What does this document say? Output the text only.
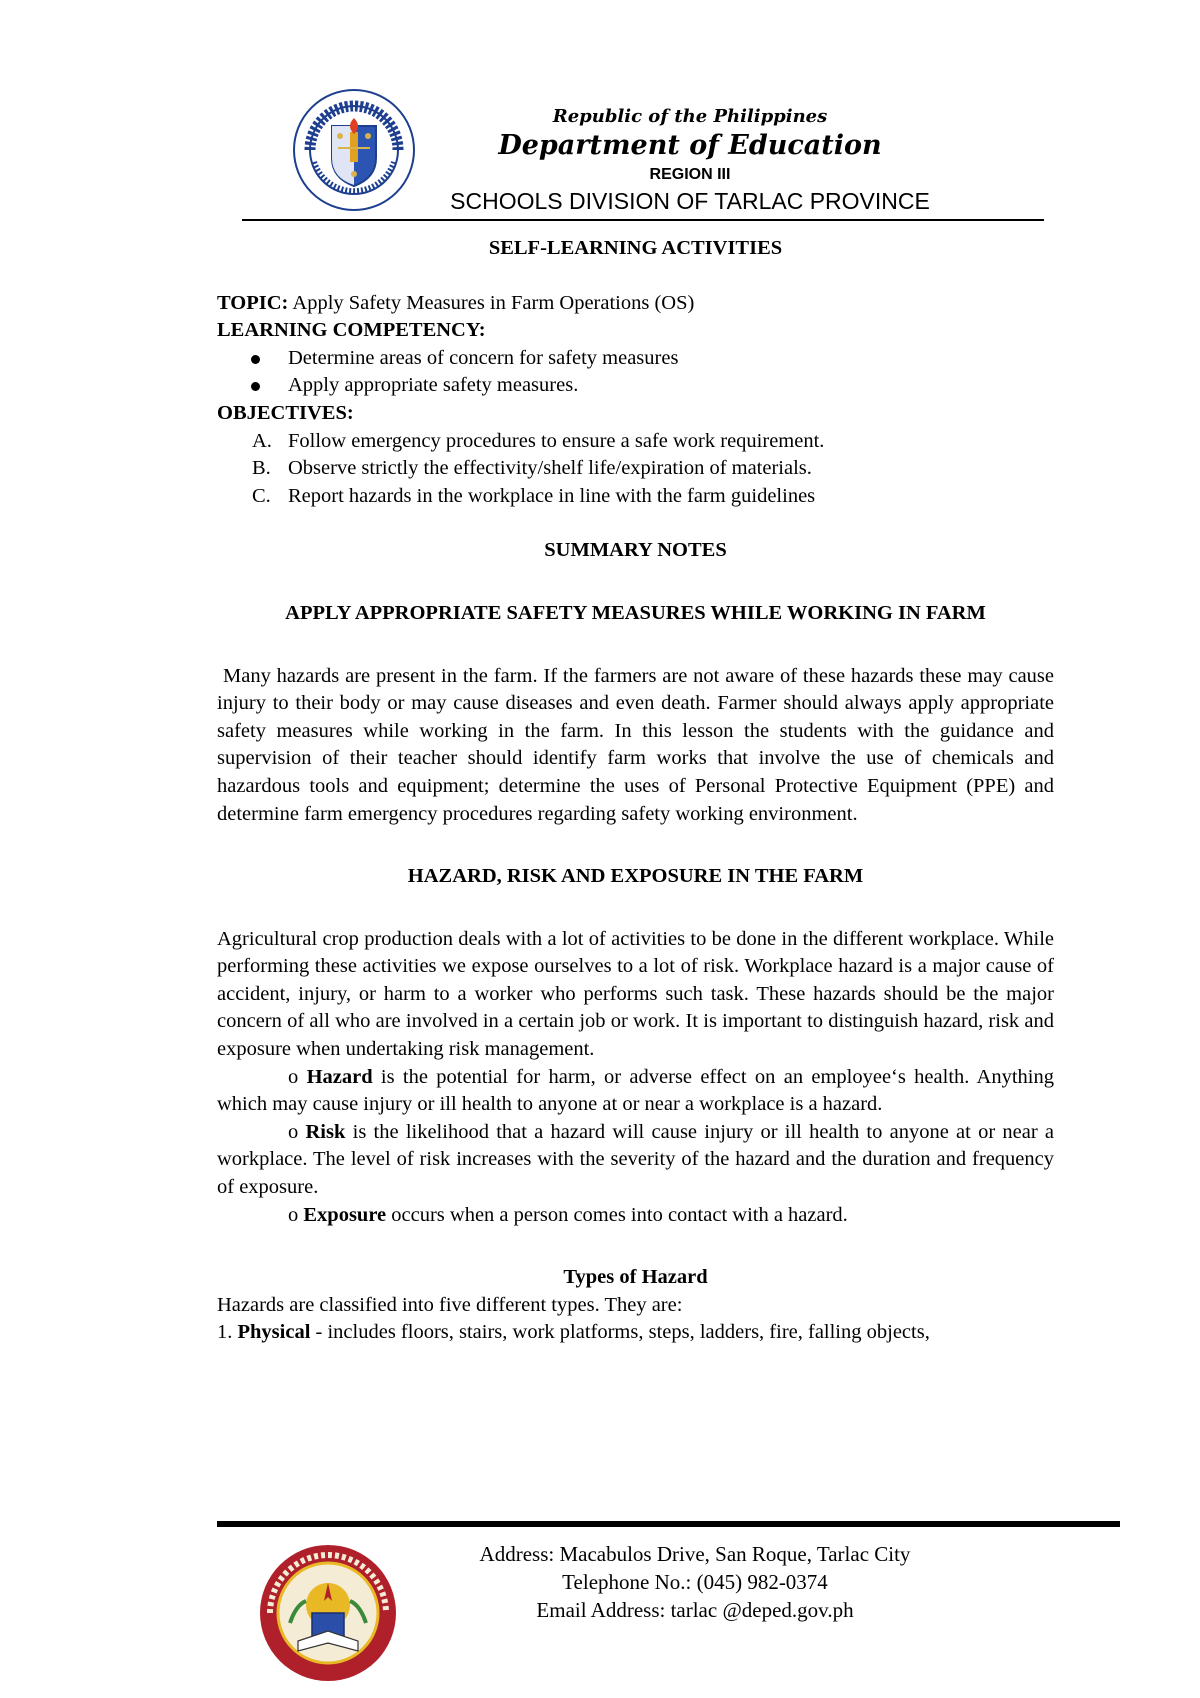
Republic of the Philippines
Department of Education
REGION III
SCHOOLS DIVISION OF TARLAC PROVINCE

SELF-LEARNING ACTIVITIES

TOPIC: Apply Safety Measures in Farm Operations (OS)

LEARNING COMPETENCY:

Determine areas of concern for safety measures
Apply appropriate safety measures.

OBJECTIVES:

A. Follow emergency procedures to ensure a safe work requirement.
B. Observe strictly the effectivity/shelf life/expiration of materials.
C. Report hazards in the workplace in line with the farm guidelines

SUMMARY NOTES

APPLY APPROPRIATE SAFETY MEASURES WHILE WORKING IN FARM

Many hazards are present in the farm. If the farmers are not aware of these hazards these may cause injury to their body or may cause diseases and even death. Farmer should always apply appropriate safety measures while working in the farm. In this lesson the students with the guidance and supervision of their teacher should identify farm works that involve the use of chemicals and hazardous tools and equipment; determine the uses of Personal Protective Equipment (PPE) and determine farm emergency procedures regarding safety working environment.

HAZARD, RISK AND EXPOSURE IN THE FARM

Agricultural crop production deals with a lot of activities to be done in the different workplace. While performing these activities we expose ourselves to a lot of risk. Workplace hazard is a major cause of accident, injury, or harm to a worker who performs such task. These hazards should be the major concern of all who are involved in a certain job or work. It is important to distinguish hazard, risk and exposure when undertaking risk management.

o Hazard is the potential for harm, or adverse effect on an employee‘s health. Anything which may cause injury or ill health to anyone at or near a workplace is a hazard.

o Risk is the likelihood that a hazard will cause injury or ill health to anyone at or near a workplace. The level of risk increases with the severity of the hazard and the duration and frequency of exposure.

o Exposure occurs when a person comes into contact with a hazard.

Types of Hazard

Hazards are classified into five different types. They are:

1. Physical - includes floors, stairs, work platforms, steps, ladders, fire, falling objects,

Address: Macabulos Drive, San Roque, Tarlac City
Telephone No.: (045) 982-0374
Email Address: tarlac @deped.gov.ph
